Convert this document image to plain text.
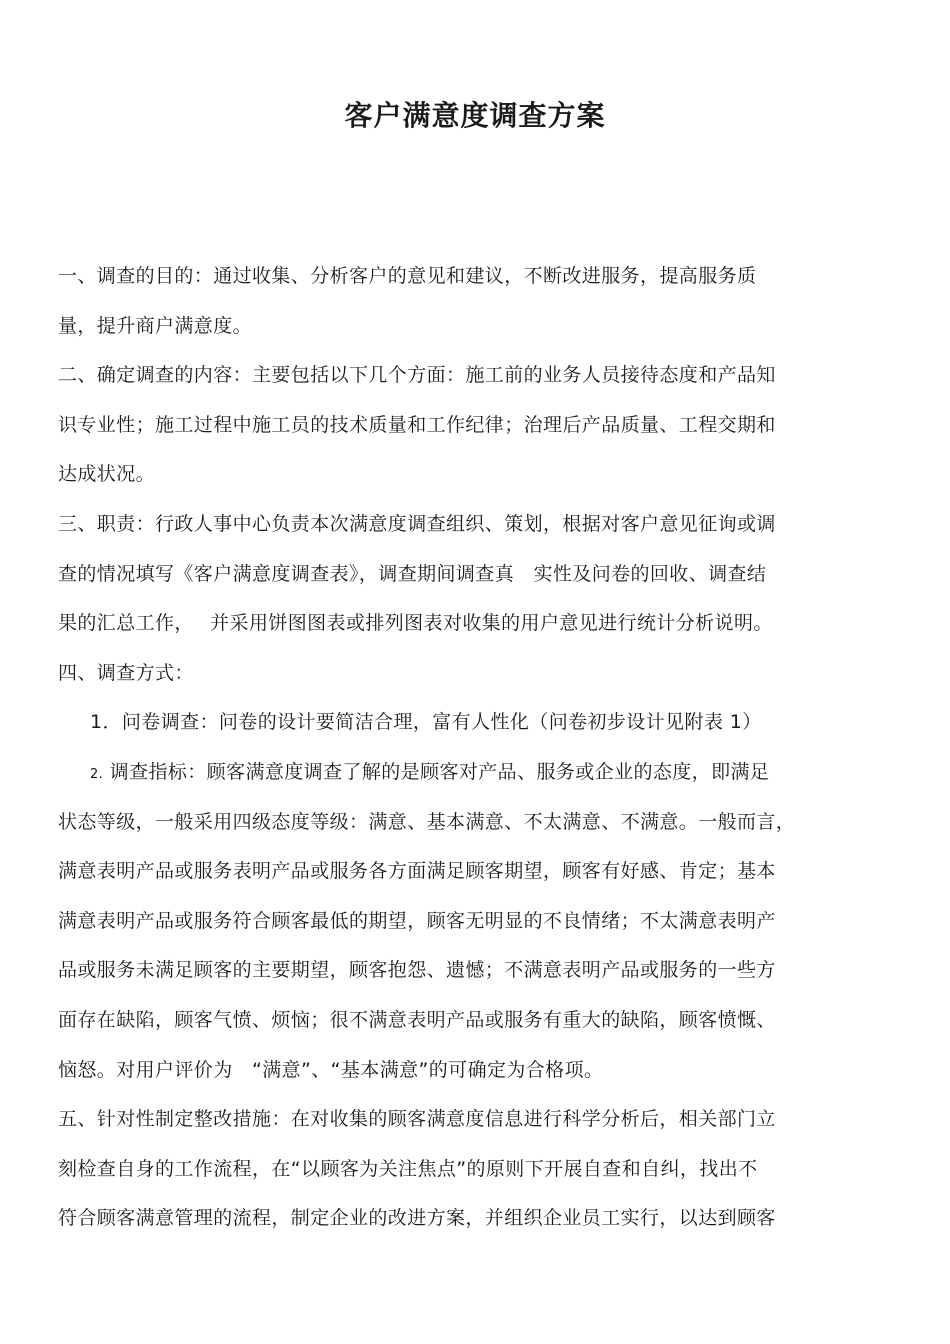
客户满意度调查方案
一、调查的目的：通过收集、分析客户的意见和建议，不断改进服务，提高服务质
量，提升商户满意度。
二、确定调查的内容：主要包括以下几个方面：施工前的业务人员接待态度和产品知
识专业性；施工过程中施工员的技术质量和工作纪律；治理后产品质量、工程交期和
达成状况。
三、职责：行政人事中心负责本次满意度调查组织、策划，根据对客户意见征询或调
查的情况填写《客户满意度调查表》，调查期间调查真　实性及问卷的回收、调查结
果的汇总工作，　 并采用饼图图表或排列图表对收集的用户意见进行统计分析说明。
四、调查方式：
1．问卷调查：问卷的设计要简洁合理，富有人性化（问卷初步设计见附表 1）
2. 调查指标：顾客满意度调查了解的是顾客对产品、服务或企业的态度，即满足
状态等级，一般采用四级态度等级：满意、基本满意、不太满意、不满意。一般而言，
满意表明产品或服务表明产品或服务各方面满足顾客期望，顾客有好感、肯定；基本
满意表明产品或服务符合顾客最低的期望，顾客无明显的不良情绪；不太满意表明产
品或服务未满足顾客的主要期望，顾客抱怨、遗憾；不满意表明产品或服务的一些方
面存在缺陷，顾客气愤、烦恼；很不满意表明产品或服务有重大的缺陷，顾客愤慨、
恼怒。对用户评价为　“满意”、“基本满意”的可确定为合格项。
五、针对性制定整改措施：在对收集的顾客满意度信息进行科学分析后，相关部门立
刻检查自身的工作流程，在“以顾客为关注焦点”的原则下开展自查和自纠，找出不
符合顾客满意管理的流程，制定企业的改进方案，并组织企业员工实行，以达到顾客
